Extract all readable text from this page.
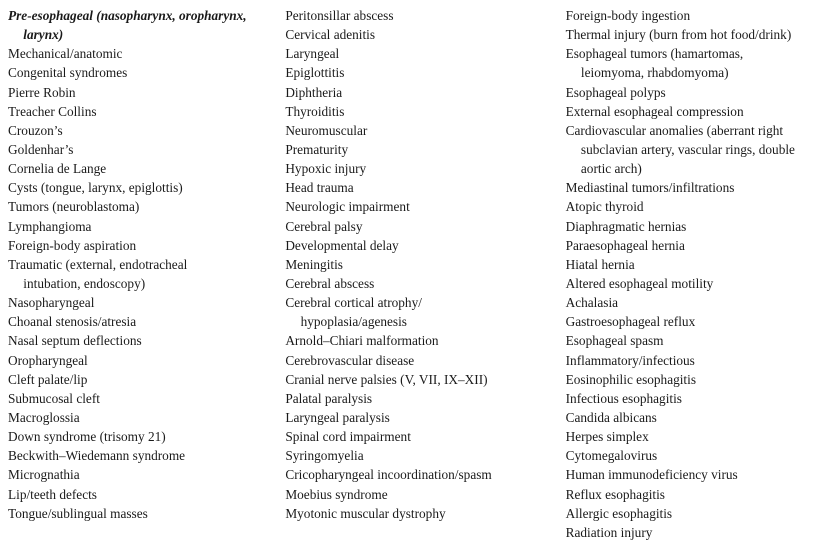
Pre-esophageal (nasopharynx, oropharynx,
larynx)
Mechanical/anatomic
Congenital syndromes
Pierre Robin
Treacher Collins
Crouzon’s
Goldenhar’s
Cornelia de Lange
Cysts (tongue, larynx, epiglottis)
Tumors (neuroblastoma)
Lymphangioma
Foreign-body aspiration
Traumatic (external, endotracheal
intubation, endoscopy)
Nasopharyngeal
Choanal stenosis/atresia
Nasal septum deflections
Oropharyngeal
Cleft palate/lip
Submucosal cleft
Macroglossia
Down syndrome (trisomy 21)
Beckwith–Wiedemann syndrome
Micrognathia
Lip/teeth defects
Tongue/sublingual masses
Peritonsillar abscess
Cervical adenitis
Laryngeal
Epiglottitis
Diphtheria
Thyroiditis
Neuromuscular
Prematurity
Hypoxic injury
Head trauma
Neurologic impairment
Cerebral palsy
Developmental delay
Meningitis
Cerebral abscess
Cerebral cortical atrophy/
hypoplasia/agenesis
Arnold–Chiari malformation
Cerebrovascular disease
Cranial nerve palsies (V, VII, IX–XII)
Palatal paralysis
Laryngeal paralysis
Spinal cord impairment
Syringomyelia
Cricopharyngeal incoordination/spasm
Moebius syndrome
Myotonic muscular dystrophy
Foreign-body ingestion
Thermal injury (burn from hot food/drink)
Esophageal tumors (hamartomas,
leiomyoma, rhabdomyoma)
Esophageal polyps
External esophageal compression
Cardiovascular anomalies (aberrant right
subclavian artery, vascular rings, double
aortic arch)
Mediastinal tumors/infiltrations
Atopic thyroid
Diaphragmatic hernias
Paraesophageal hernia
Hiatal hernia
Altered esophageal motility
Achalasia
Gastroesophageal reflux
Esophageal spasm
Inflammatory/infectious
Eosinophilic esophagitis
Infectious esophagitis
Candida albicans
Herpes simplex
Cytomegalovirus
Human immunodeficiency virus
Reflux esophagitis
Allergic esophagitis
Radiation injury
